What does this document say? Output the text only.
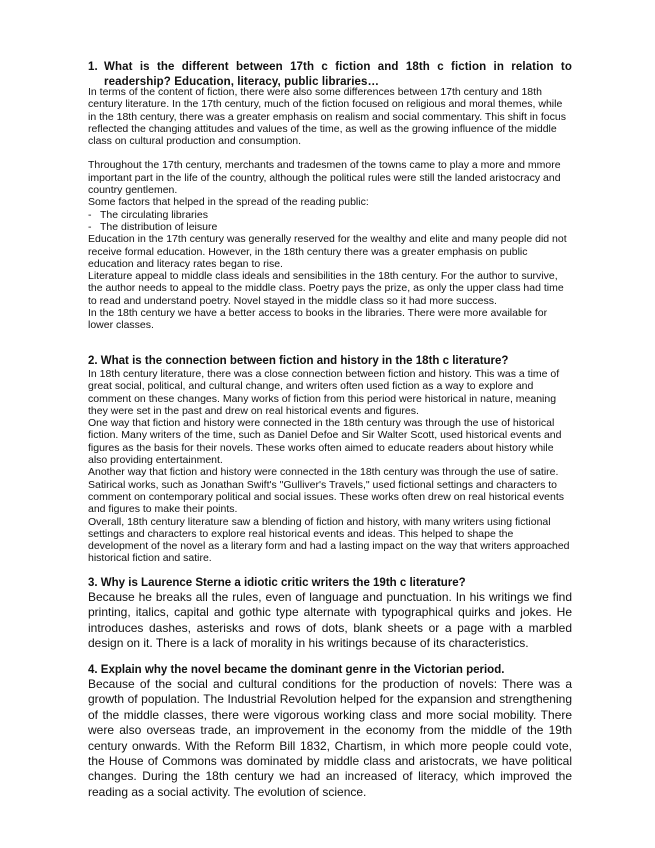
1. What is the different between 17th c fiction and 18th c fiction in relation to readership? Education, literacy, public libraries…

In terms of the content of fiction, there were also some differences between 17th century and 18th century literature. In the 17th century, much of the fiction focused on religious and moral themes, while in the 18th century, there was a greater emphasis on realism and social commentary. This shift in focus reflected the changing attitudes and values of the time, as well as the growing influence of the middle class on cultural production and consumption.

Throughout the 17th century, merchants and tradesmen of the towns came to play a more and mmore important part in the life of the country, although the political rules were still the landed aristocracy and country gentlemen.

Some factors that helped in the spread of the reading public:

- The circulating libraries
- The distribution of leisure

Education in the 17th century was generally reserved for the wealthy and elite and many people did not receive formal education. However, in the 18th century there was a greater emphasis on public education and literacy rates began to rise.

Literature appeal to middle class ideals and sensibilities in the 18th century. For the author to survive, the author needs to appeal to the middle class. Poetry pays the prize, as only the upper class had time to read and understand poetry. Novel stayed in the middle class so it had more success.

In the 18th century we have a better access to books in the libraries. There were more available for lower classes.

2. What is the connection between fiction and history in the 18th c literature?

In 18th century literature, there was a close connection between fiction and history. This was a time of great social, political, and cultural change, and writers often used fiction as a way to explore and comment on these changes. Many works of fiction from this period were historical in nature, meaning they were set in the past and drew on real historical events and figures.

One way that fiction and history were connected in the 18th century was through the use of historical fiction. Many writers of the time, such as Daniel Defoe and Sir Walter Scott, used historical events and figures as the basis for their novels. These works often aimed to educate readers about history while also providing entertainment.

Another way that fiction and history were connected in the 18th century was through the use of satire. Satirical works, such as Jonathan Swift's "Gulliver's Travels," used fictional settings and characters to comment on contemporary political and social issues. These works often drew on real historical events and figures to make their points.

Overall, 18th century literature saw a blending of fiction and history, with many writers using fictional settings and characters to explore real historical events and ideas. This helped to shape the development of the novel as a literary form and had a lasting impact on the way that writers approached historical fiction and satire.

3. Why is Laurence Sterne a idiotic critic writers the 19th c literature?

Because he breaks all the rules, even of language and punctuation. In his writings we find printing, italics, capital and gothic type alternate with typographical quirks and jokes. He introduces dashes, asterisks and rows of dots, blank sheets or a page with a marbled design on it. There is a lack of morality in his writings because of its characteristics.

4. Explain why the novel became the dominant genre in the Victorian period.

Because of the social and cultural conditions for the production of novels: There was a growth of population. The Industrial Revolution helped for the expansion and strengthening of the middle classes, there were vigorous working class and more social mobility. There were also overseas trade, an improvement in the economy from the middle of the 19th century onwards. With the Reform Bill 1832, Chartism, in which more people could vote, the House of Commons was dominated by middle class and aristocrats, we have political changes. During the 18th century we had an increased of literacy, which improved the reading as a social activity. The evolution of science.
